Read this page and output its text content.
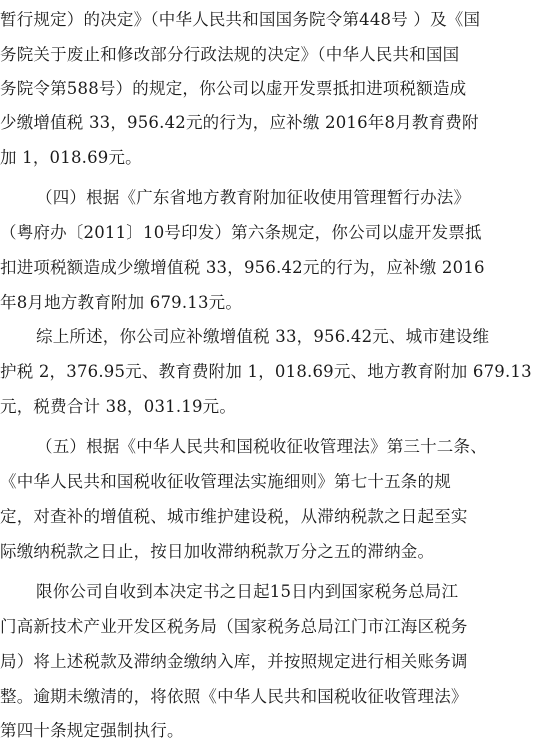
暂行规定）的决定》（中华人民共和国国务院令第448号 ）及《国
务院关于废止和修改部分行政法规的决定》（中华人民共和国国
务院令第588号）的规定，你公司以虚开发票抵扣进项税额造成
少缴增值税 33，956.42元的行为，应补缴 2016年8月教育费附
加 1，018.69元。
（四）根据《广东省地方教育附加征收使用管理暂行办法》
（粤府办〔2011〕10号印发）第六条规定，你公司以虚开发票抵
扣进项税额造成少缴增值税 33，956.42元的行为，应补缴 2016
年8月地方教育附加 679.13元。
综上所述，你公司应补缴增值税 33，956.42元、城市建设维
护税 2，376.95元、教育费附加 1，018.69元、地方教育附加 679.13
元，税费合计 38，031.19元。
（五）根据《中华人民共和国税收征收管理法》第三十二条、
《中华人民共和国税收征收管理法实施细则》第七十五条的规
定，对查补的增值税、城市维护建设税，从滞纳税款之日起至实
际缴纳税款之日止，按日加收滞纳税款万分之五的滞纳金。
限你公司自收到本决定书之日起15日内到国家税务总局江
门高新技术产业开发区税务局（国家税务总局江门市江海区税务
局）将上述税款及滞纳金缴纳入库，并按照规定进行相关账务调
整。逾期未缴清的，将依照《中华人民共和国税收征收管理法》
第四十条规定强制执行。
